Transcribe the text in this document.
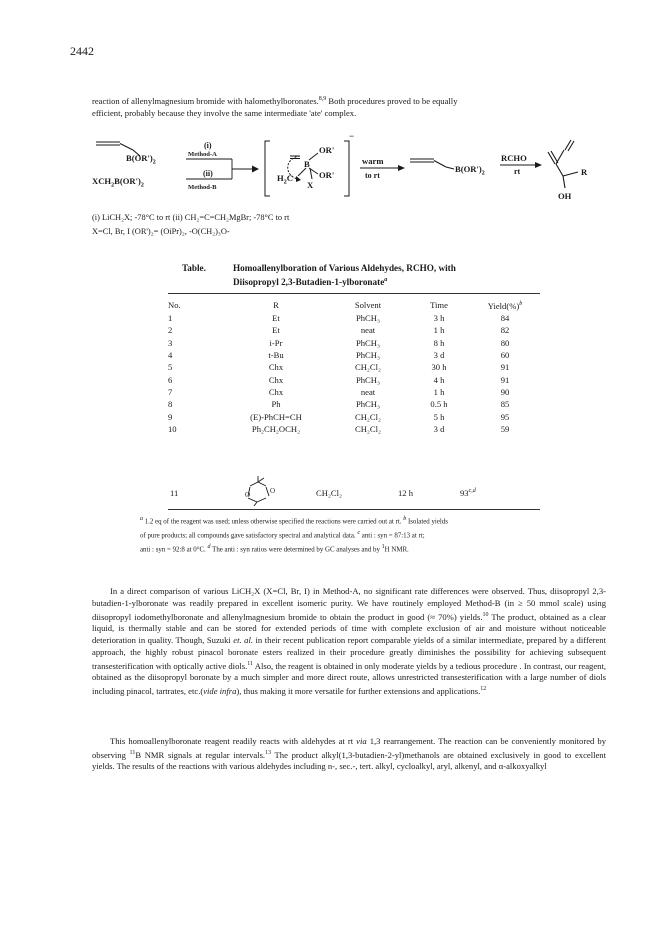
2442
reaction of allenylmagnesium bromide with halomethylboronates.$^{8,9}$ Both procedures proved to be equally
efficient, probably because they involve the same intermediate 'ate' complex.
$B(OR')_2$
$XCH_2B(OR')_2$
(i)
Method-A
(ii)
Method-B
OR'
−
B
$H_2C$	OR'
X
warm
to rt
$B(OR')_2$
RCHO
rt	R
OH
(i) LiCH₂X; -78°C to rt (ii) CH₂=C=CH₂MgBr; -78°C to rt
X=Cl, Br, I (OR')₂= (OiPr)₂, -O(CH₂)₃O-
Table.	Homoallenylboration of Various Aldehydes, RCHO, with
Diisopropyl 2,3-Butadien-1-ylboronate$^a$
No.	R	Solvent	Time	Yield(%)$^b$
1	Et	PhCH₃	3 h	84
2	Et	neat	1 h	82
3	i-Pr	PhCH₃	8 h	80
4	t-Bu	PhCH₃	3 d	60
5	Chx	CH₂Cl₂	30 h	91
6	Chx	PhCH₃	4 h	91
7	Chx	neat	1 h	90
8	Ph	PhCH₃	0.5 h	85
9	(E)-PhCH=CH	CH₂Cl₂	5 h	95
10	Ph₂CH₂OCH₂	CH₂Cl₂	3 d	59
11	O	O	CH₂Cl₂	12 h	93$^{c,d}$
$^a$ 1.2 eq of the reagent was used; unless otherwise specified the reactions were carried out at rt. $^b$ Isolated yields
of pure products; all compounds gave satisfactory spectral and analytical data. $^c$ anti : syn = 87:13 at rt;
anti : syn = 92:8 at 0°C. $^d$ The anti : syn ratios were determined by GC analyses and by $^1$H NMR.
In a direct comparison of various LiCH₂X (X=Cl, Br, I) in Method-A, no significant rate differences were observed. Thus, diisopropyl 2,3-butadien-1-ylboronate was readily prepared in excellent isomeric purity. We have routinely employed Method-B (in ≥ 50 mmol scale) using diisopropyl iodomethylboronate and allenylmagnesium bromide to obtain the product in good (≈ 70%) yields.$^{10}$ The product, obtained as a clear liquid, is thermally stable and can be stored for extended periods of time with complete exclusion of air and moisture without noticeable deterioration in quality. Though, Suzuki et. al. in their recent publication report comparable yields of a similar intermediate, prepared by a different approach, the highly robust pinacol boronate esters realized in their procedure greatly diminishes the possibility for achieving subsequent transesterification with optically active diols.$^{11}$ Also, the reagent is obtained in only moderate yields by a tedious procedure . In contrast, our reagent, obtained as the diisopropyl boronate by a much simpler and more direct route, allows unrestricted transesterification with a large number of diols including pinacol, tartrates, etc.(vide infra), thus making it more versatile for further extensions and applications.$^{12}$
This homoallenylboronate reagent readily reacts with aldehydes at rt via 1,3 rearrangement. The reaction can be conveniently monitored by observing $^{11}$B NMR signals at regular intervals.$^{13}$ The product alkyl(1,3-butadien-2-yl)methanols are obtained exclusively in good to excellent yields. The results of the reactions with various aldehydes including n-, sec.-, tert. alkyl, cycloalkyl, aryl, alkenyl, and α-alkoxyalkyl
